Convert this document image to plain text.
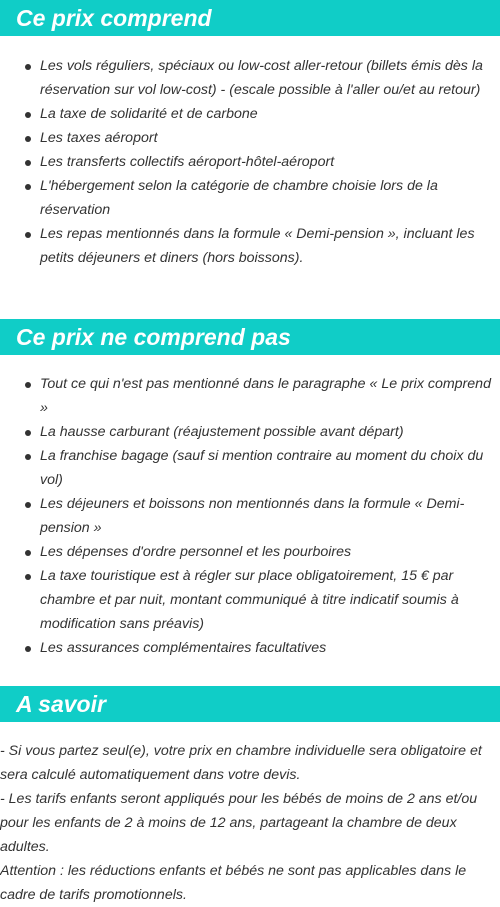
Ce prix comprend
Les vols réguliers, spéciaux ou low-cost aller-retour (billets émis dès la réservation sur vol low-cost) - (escale possible à l'aller ou/et au retour)
La taxe de solidarité et de carbone
Les taxes aéroport
Les transferts collectifs aéroport-hôtel-aéroport
L'hébergement selon la catégorie de chambre choisie lors de la réservation
Les repas mentionnés dans la formule « Demi-pension », incluant les petits déjeuners et diners (hors boissons).
Ce prix ne comprend pas
Tout ce qui n'est pas mentionné dans le paragraphe « Le prix comprend »
La hausse carburant (réajustement possible avant départ)
La franchise bagage (sauf si mention contraire au moment du choix du vol)
Les déjeuners et boissons non mentionnés dans la formule « Demi-pension »
Les dépenses d'ordre personnel et les pourboires
La taxe touristique est à régler sur place obligatoirement, 15 € par chambre et par nuit, montant communiqué à titre indicatif soumis à modification sans préavis)
Les assurances complémentaires facultatives
A savoir
- Si vous partez seul(e), votre prix en chambre individuelle sera obligatoire et sera calculé automatiquement dans votre devis.
- Les tarifs enfants seront appliqués pour les bébés de moins de 2 ans et/ou pour les enfants de 2 à moins de 12 ans, partageant la chambre de deux adultes.
Attention : les réductions enfants et bébés ne sont pas applicables dans le cadre de tarifs promotionnels.
